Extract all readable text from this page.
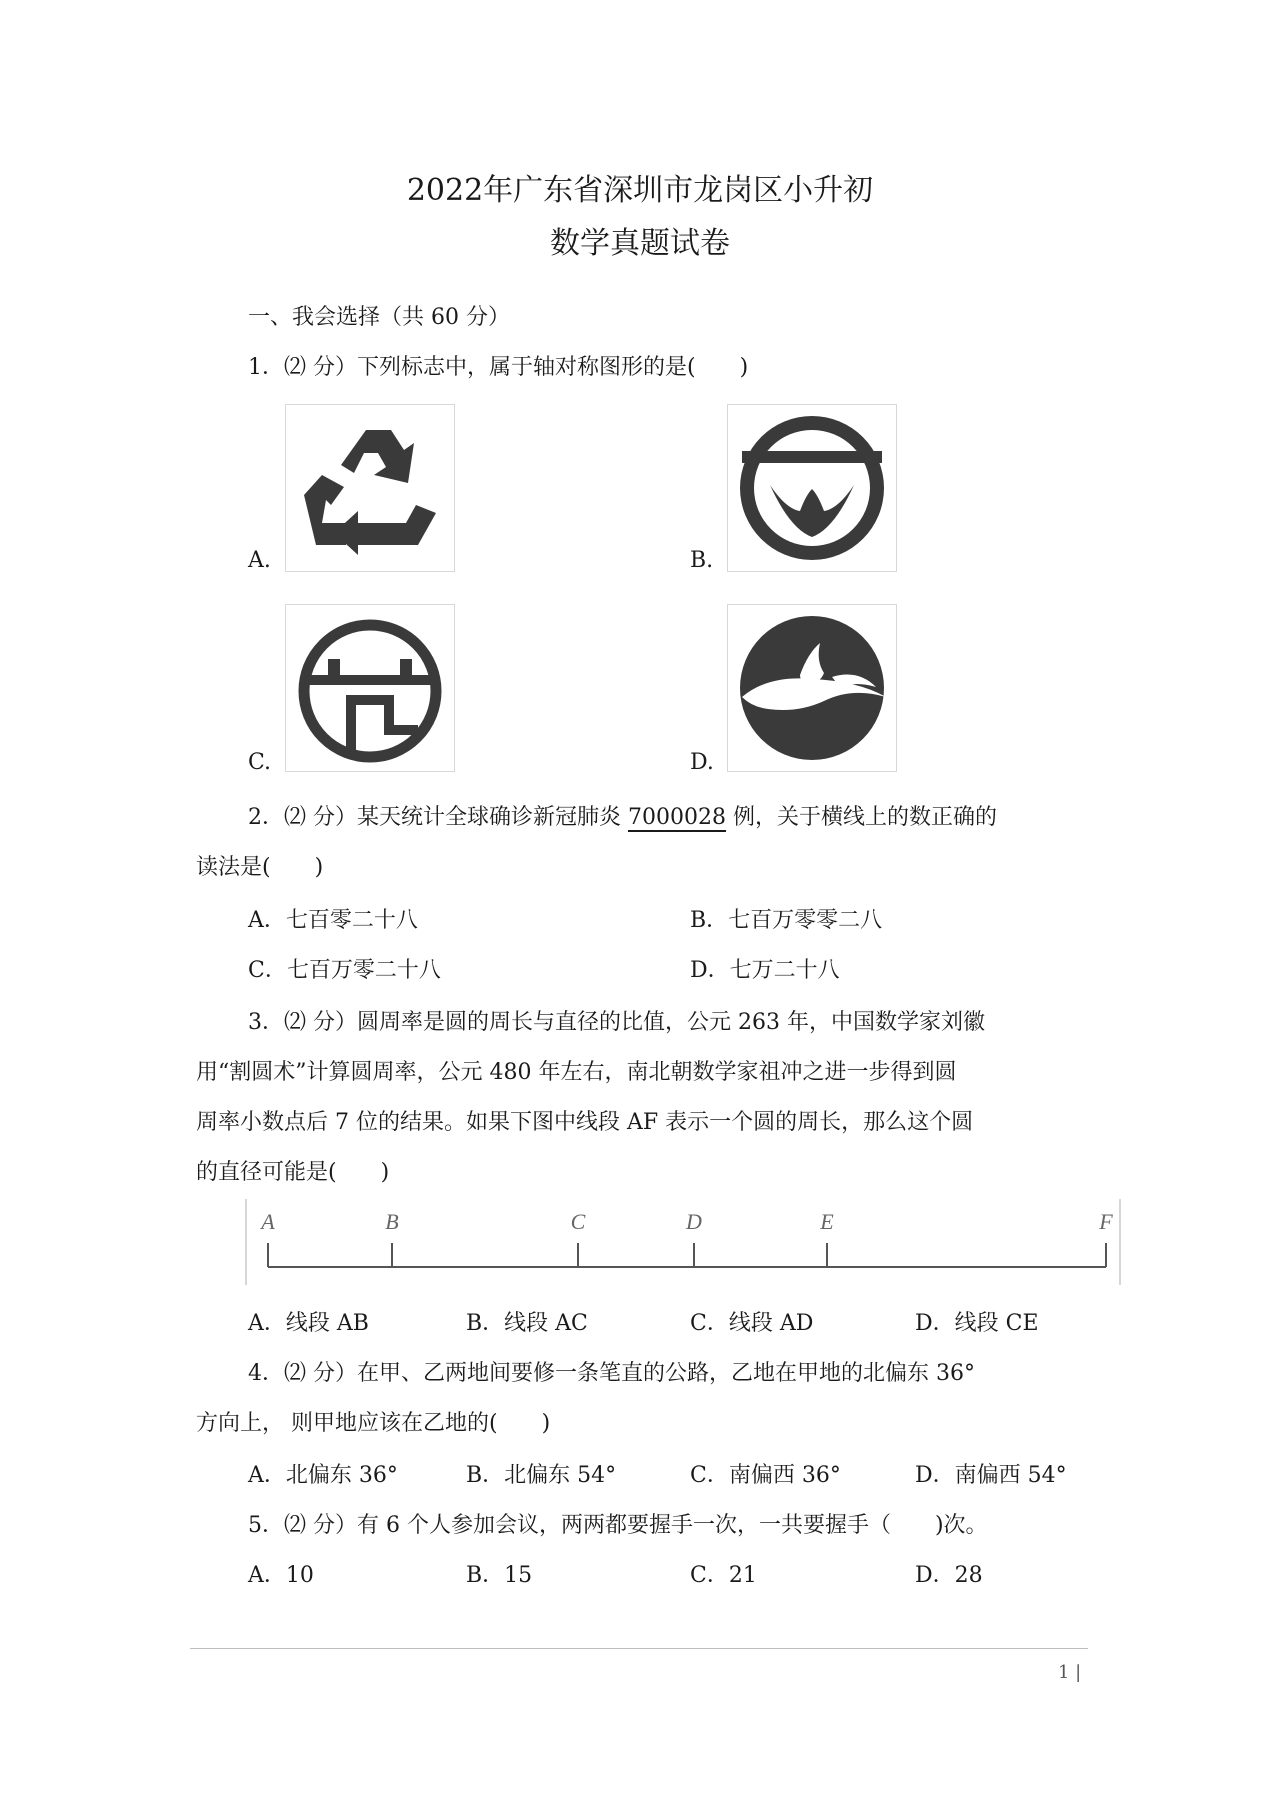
2022年广东省深圳市龙岗区小升初
数学真题试卷
一、我会选择（共 60 分）
1．⑵ 分）下列标志中，属于轴对称图形的是(　　)
A.	B.
C.	D.
2．⑵ 分）某天统计全球确诊新冠肺炎 7000028 例，关于横线上的数正确的
读法是(　　)
A．七百零二十八	B．七百万零零二八
C．七百万零二十八	D．七万二十八
3．⑵ 分）圆周率是圆的周长与直径的比值，公元 263 年，中国数学家刘徽
用“割圆术”计算圆周率，公元 480 年左右，南北朝数学家祖冲之进一步得到圆
周率小数点后 7 位的结果。如果下图中线段 AF 表示一个圆的周长，那么这个圆
的直径可能是(　　)
A	B	C	D	E	F
A．线段 AB	B．线段 AC	C．线段 AD	D．线段 CE
4．⑵ 分）在甲、乙两地间要修一条笔直的公路，乙地在甲地的北偏东 36°
方向上， 则甲地应该在乙地的(　　)
A．北偏东 36°	B．北偏东 54°	C．南偏西 36°	D．南偏西 54°
5．⑵ 分）有 6 个人参加会议，两两都要握手一次，一共要握手（　　)次。
A．10	B．15	C．21	D．28
1 |
